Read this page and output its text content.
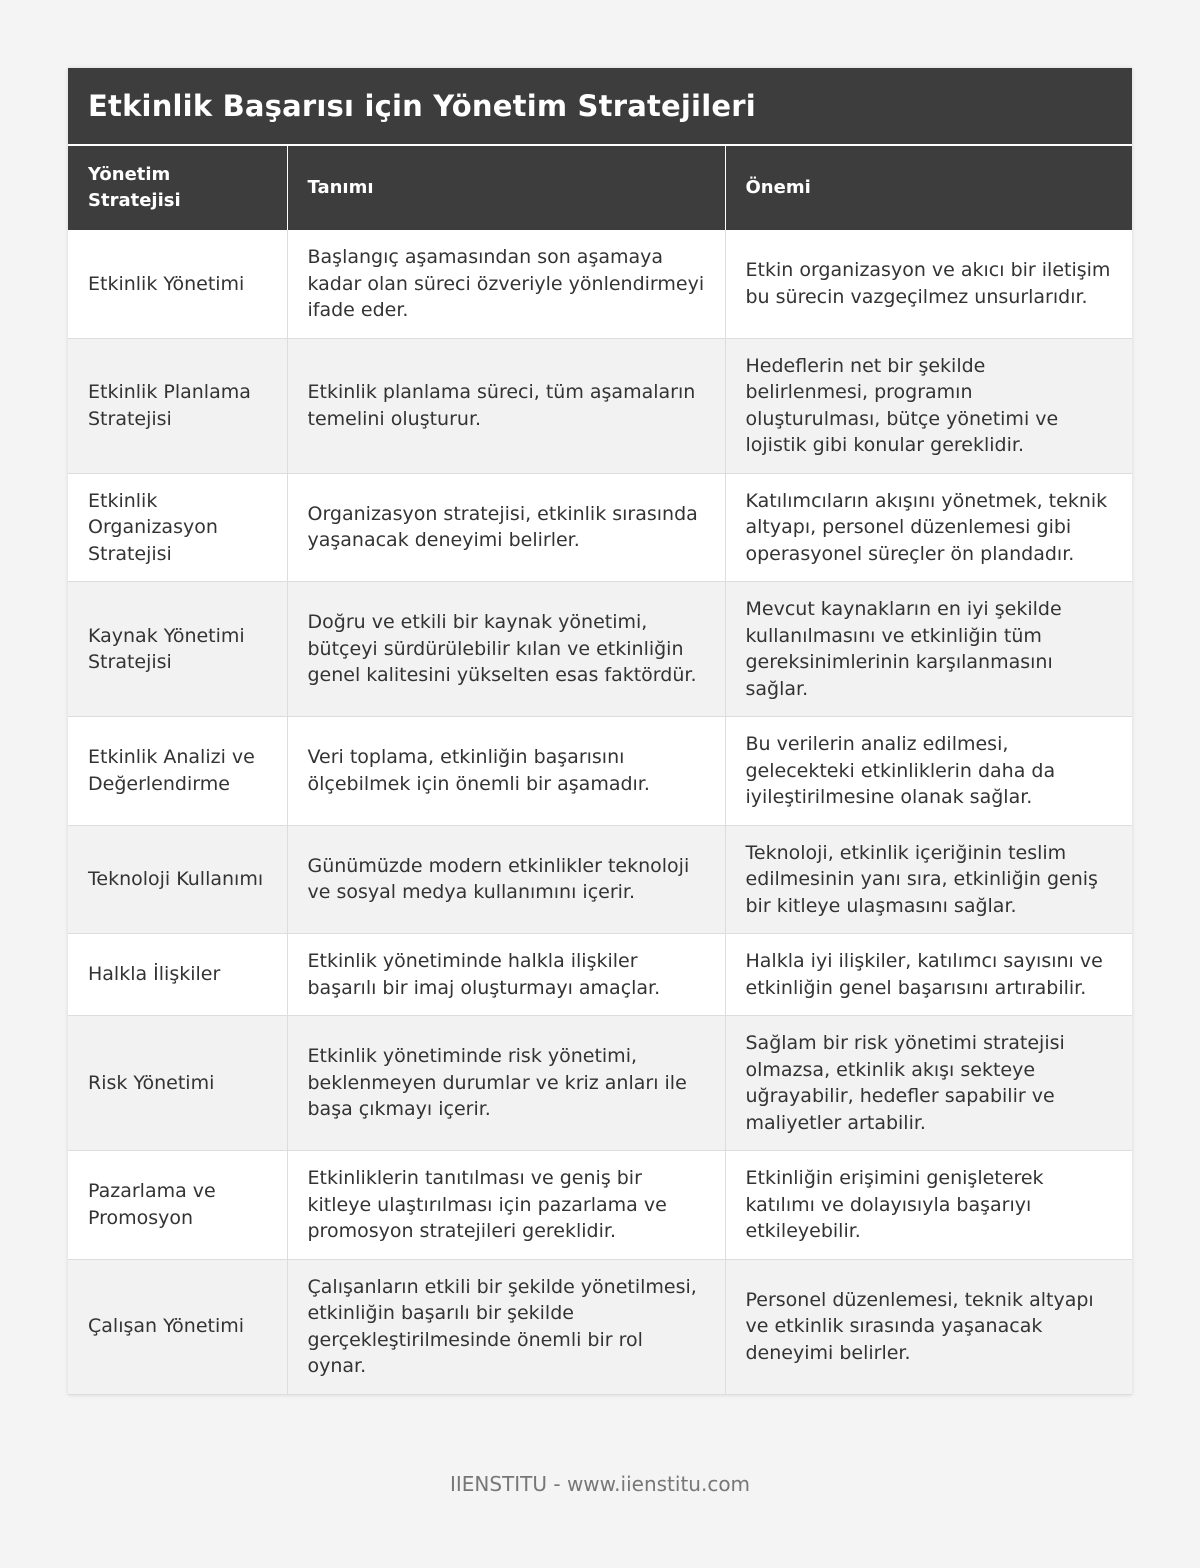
Etkinlik Başarısı için Yönetim Stratejileri
Yönetim Stratejisi	Tanımı	Önemi
Etkinlik Yönetimi	Başlangıç aşamasından son aşamaya kadar olan süreci özveriyle yönlendirmeyi ifade eder.	Etkin organizasyon ve akıcı bir iletişim bu sürecin vazgeçilmez unsurlarıdır.
Etkinlik Planlama Stratejisi	Etkinlik planlama süreci, tüm aşamaların temelini oluşturur.	Hedeflerin net bir şekilde belirlenmesi, programın oluşturulması, bütçe yönetimi ve lojistik gibi konular gereklidir.
Etkinlik Organizasyon Stratejisi	Organizasyon stratejisi, etkinlik sırasında yaşanacak deneyimi belirler.	Katılımcıların akışını yönetmek, teknik altyapı, personel düzenlemesi gibi operasyonel süreçler ön plandadır.
Kaynak Yönetimi Stratejisi	Doğru ve etkili bir kaynak yönetimi, bütçeyi sürdürülebilir kılan ve etkinliğin genel kalitesini yükselten esas faktördür.	Mevcut kaynakların en iyi şekilde kullanılmasını ve etkinliğin tüm gereksinimlerinin karşılanmasını sağlar.
Etkinlik Analizi ve Değerlendirme	Veri toplama, etkinliğin başarısını ölçebilmek için önemli bir aşamadır.	Bu verilerin analiz edilmesi, gelecekteki etkinliklerin daha da iyileştirilmesine olanak sağlar.
Teknoloji Kullanımı	Günümüzde modern etkinlikler teknoloji ve sosyal medya kullanımını içerir.	Teknoloji, etkinlik içeriğinin teslim edilmesinin yanı sıra, etkinliğin geniş bir kitleye ulaşmasını sağlar.
Halkla İlişkiler	Etkinlik yönetiminde halkla ilişkiler başarılı bir imaj oluşturmayı amaçlar.	Halkla iyi ilişkiler, katılımcı sayısını ve etkinliğin genel başarısını artırabilir.
Risk Yönetimi	Etkinlik yönetiminde risk yönetimi, beklenmeyen durumlar ve kriz anları ile başa çıkmayı içerir.	Sağlam bir risk yönetimi stratejisi olmazsa, etkinlik akışı sekteye uğrayabilir, hedefler sapabilir ve maliyetler artabilir.
Pazarlama ve Promosyon	Etkinliklerin tanıtılması ve geniş bir kitleye ulaştırılması için pazarlama ve promosyon stratejileri gereklidir.	Etkinliğin erişimini genişleterek katılımı ve dolayısıyla başarıyı etkileyebilir.
Çalışan Yönetimi	Çalışanların etkili bir şekilde yönetilmesi, etkinliğin başarılı bir şekilde gerçekleştirilmesinde önemli bir rol oynar.	Personel düzenlemesi, teknik altyapı ve etkinlik sırasında yaşanacak deneyimi belirler.
IIENSTITU - www.iienstitu.com
